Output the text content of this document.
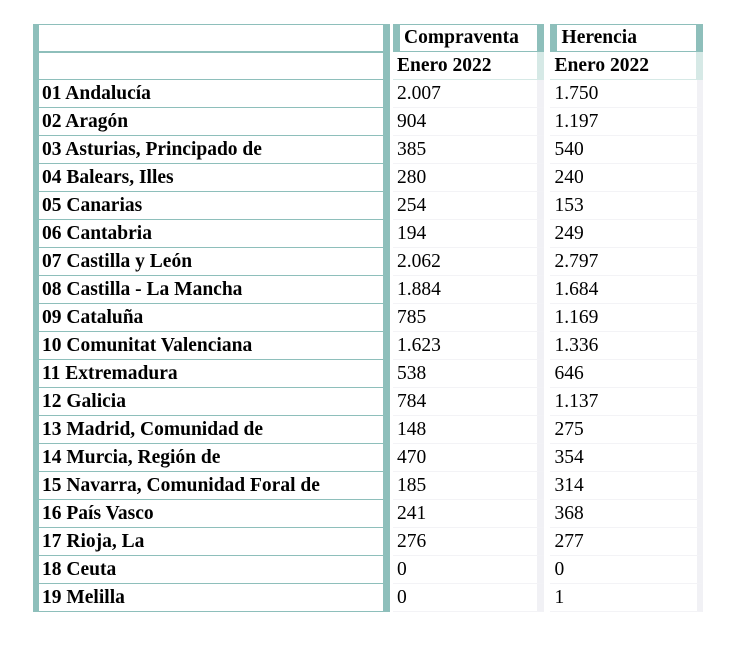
		Compraventa		Herencia
		Enero 2022		Enero 2022
01 Andalucía		2.007		1.750
02 Aragón		904		1.197
03 Asturias, Principado de		385		540
04 Balears, Illes		280		240
05 Canarias		254		153
06 Cantabria		194		249
07 Castilla y León		2.062		2.797
08 Castilla - La Mancha		1.884		1.684
09 Cataluña		785		1.169
10 Comunitat Valenciana		1.623		1.336
11 Extremadura		538		646
12 Galicia		784		1.137
13 Madrid, Comunidad de		148		275
14 Murcia, Región de		470		354
15 Navarra, Comunidad Foral de		185		314
16 País Vasco		241		368
17 Rioja, La		276		277
18 Ceuta		0		0
19 Melilla		0		1
